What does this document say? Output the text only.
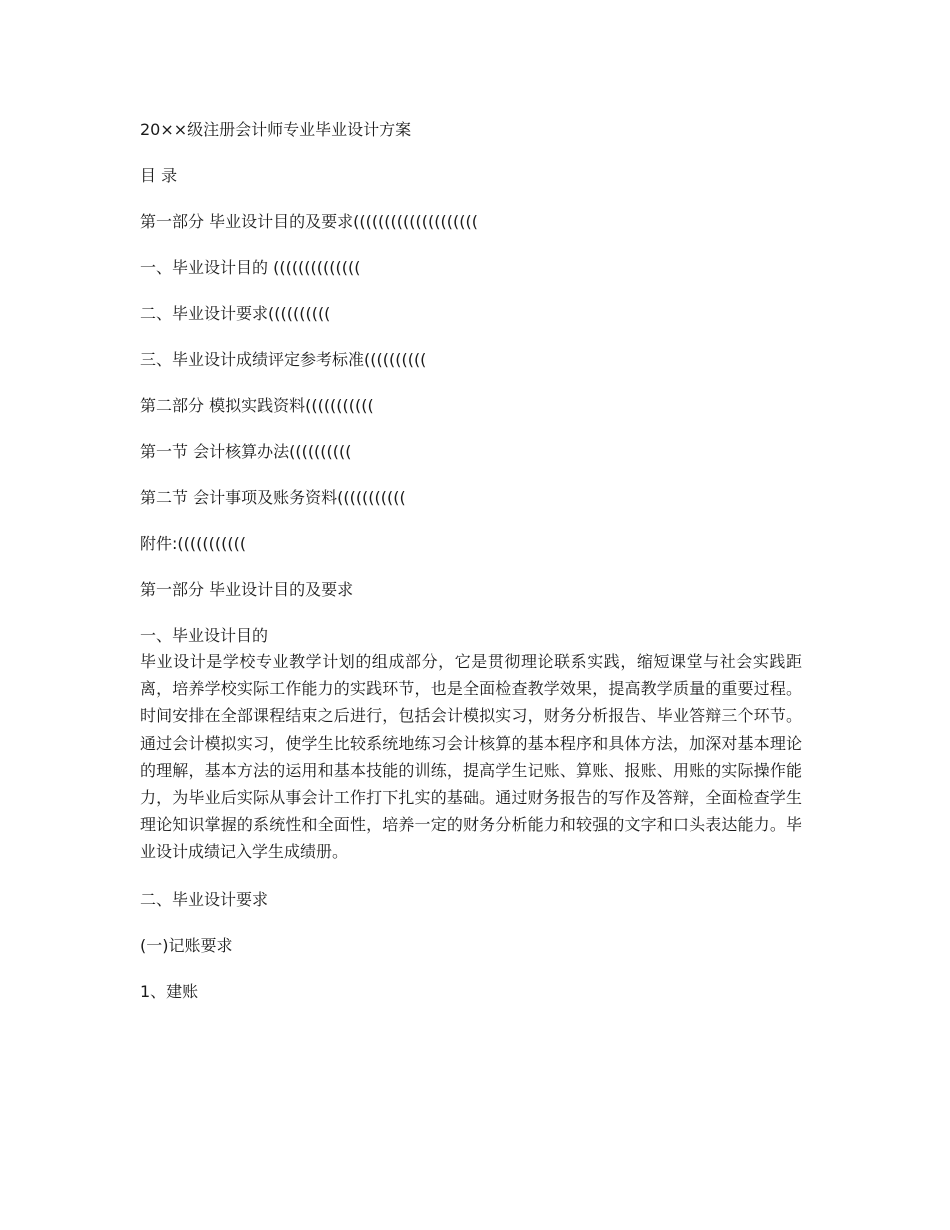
20××级注册会计师专业毕业设计方案

目 录

第一部分 毕业设计目的及要求((((((((((((((((((((

一、毕业设计目的 ((((((((((((((

二、毕业设计要求((((((((((

三、毕业设计成绩评定参考标准((((((((((

第二部分 模拟实践资料(((((((((((

第一节 会计核算办法((((((((((

第二节 会计事项及账务资料(((((((((((

附件:(((((((((((

第一部分 毕业设计目的及要求

一、毕业设计目的

毕业设计是学校专业教学计划的组成部分，它是贯彻理论联系实践，缩短课堂与社会实践距离，培养学校实际工作能力的实践环节，也是全面检查教学效果，提高教学质量的重要过程。时间安排在全部课程结束之后进行，包括会计模拟实习，财务分析报告、毕业答辩三个环节。通过会计模拟实习，使学生比较系统地练习会计核算的基本程序和具体方法，加深对基本理论的理解，基本方法的运用和基本技能的训练，提高学生记账、算账、报账、用账的实际操作能力，为毕业后实际从事会计工作打下扎实的基础。通过财务报告的写作及答辩，全面检查学生理论知识掌握的系统性和全面性，培养一定的财务分析能力和较强的文字和口头表达能力。毕业设计成绩记入学生成绩册。

二、毕业设计要求

(一)记账要求

1、建账
